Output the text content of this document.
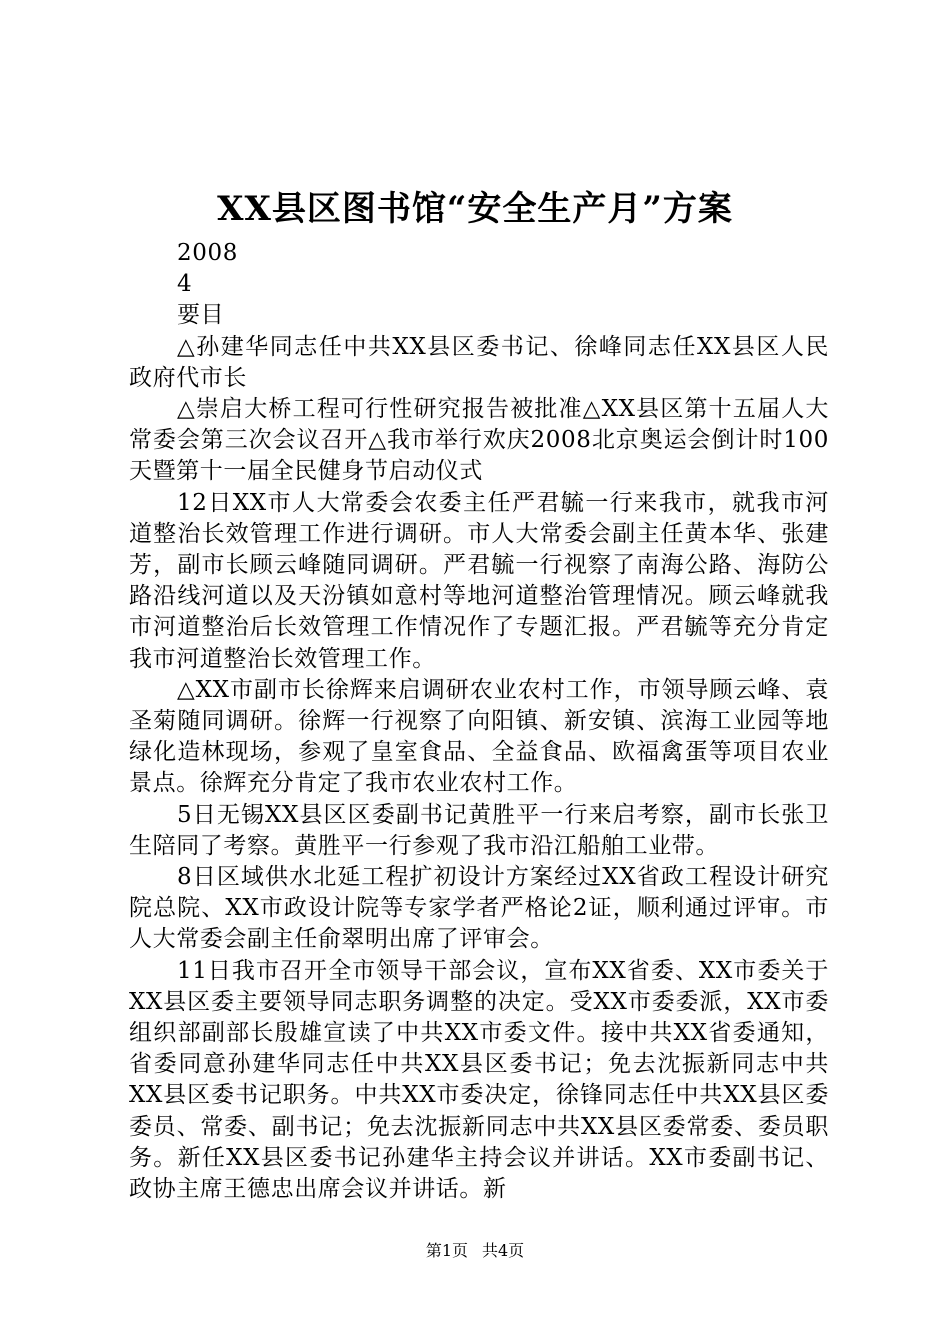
XX县区图书馆“安全生产月”方案

2008

4

要目

△孙建华同志任中共XX县区委书记、徐峰同志任XX县区人民政府代市长

△崇启大桥工程可行性研究报告被批准△XX县区第十五届人大常委会第三次会议召开△我市举行欢庆2008北京奥运会倒计时100天暨第十一届全民健身节启动仪式

12日XX市人大常委会农委主任严君毓一行来我市，就我市河道整治长效管理工作进行调研。市人大常委会副主任黄本华、张建芳，副市长顾云峰随同调研。严君毓一行视察了南海公路、海防公路沿线河道以及天汾镇如意村等地河道整治管理情况。顾云峰就我市河道整治后长效管理工作情况作了专题汇报。严君毓等充分肯定我市河道整治长效管理工作。

△XX市副市长徐辉来启调研农业农村工作，市领导顾云峰、袁圣菊随同调研。徐辉一行视察了向阳镇、新安镇、滨海工业园等地绿化造林现场，参观了皇室食品、全益食品、欧福禽蛋等项目农业景点。徐辉充分肯定了我市农业农村工作。

5日无锡XX县区区委副书记黄胜平一行来启考察，副市长张卫生陪同了考察。黄胜平一行参观了我市沿江船舶工业带。

8日区域供水北延工程扩初设计方案经过XX省政工程设计研究院总院、XX市政设计院等专家学者严格论2证，顺利通过评审。市人大常委会副主任俞翠明出席了评审会。

11日我市召开全市领导干部会议，宣布XX省委、XX市委关于XX县区委主要领导同志职务调整的决定。受XX市委委派，XX市委组织部副部长殷雄宣读了中共XX市委文件。接中共XX省委通知，省委同意孙建华同志任中共XX县区委书记；免去沈振新同志中共XX县区委书记职务。中共XX市委决定，徐锋同志任中共XX县区委委员、常委、副书记；免去沈振新同志中共XX县区委常委、委员职务。新任XX县区委书记孙建华主持会议并讲话。XX市委副书记、政协主席王德忠出席会议并讲话。新

第1页 共4页
